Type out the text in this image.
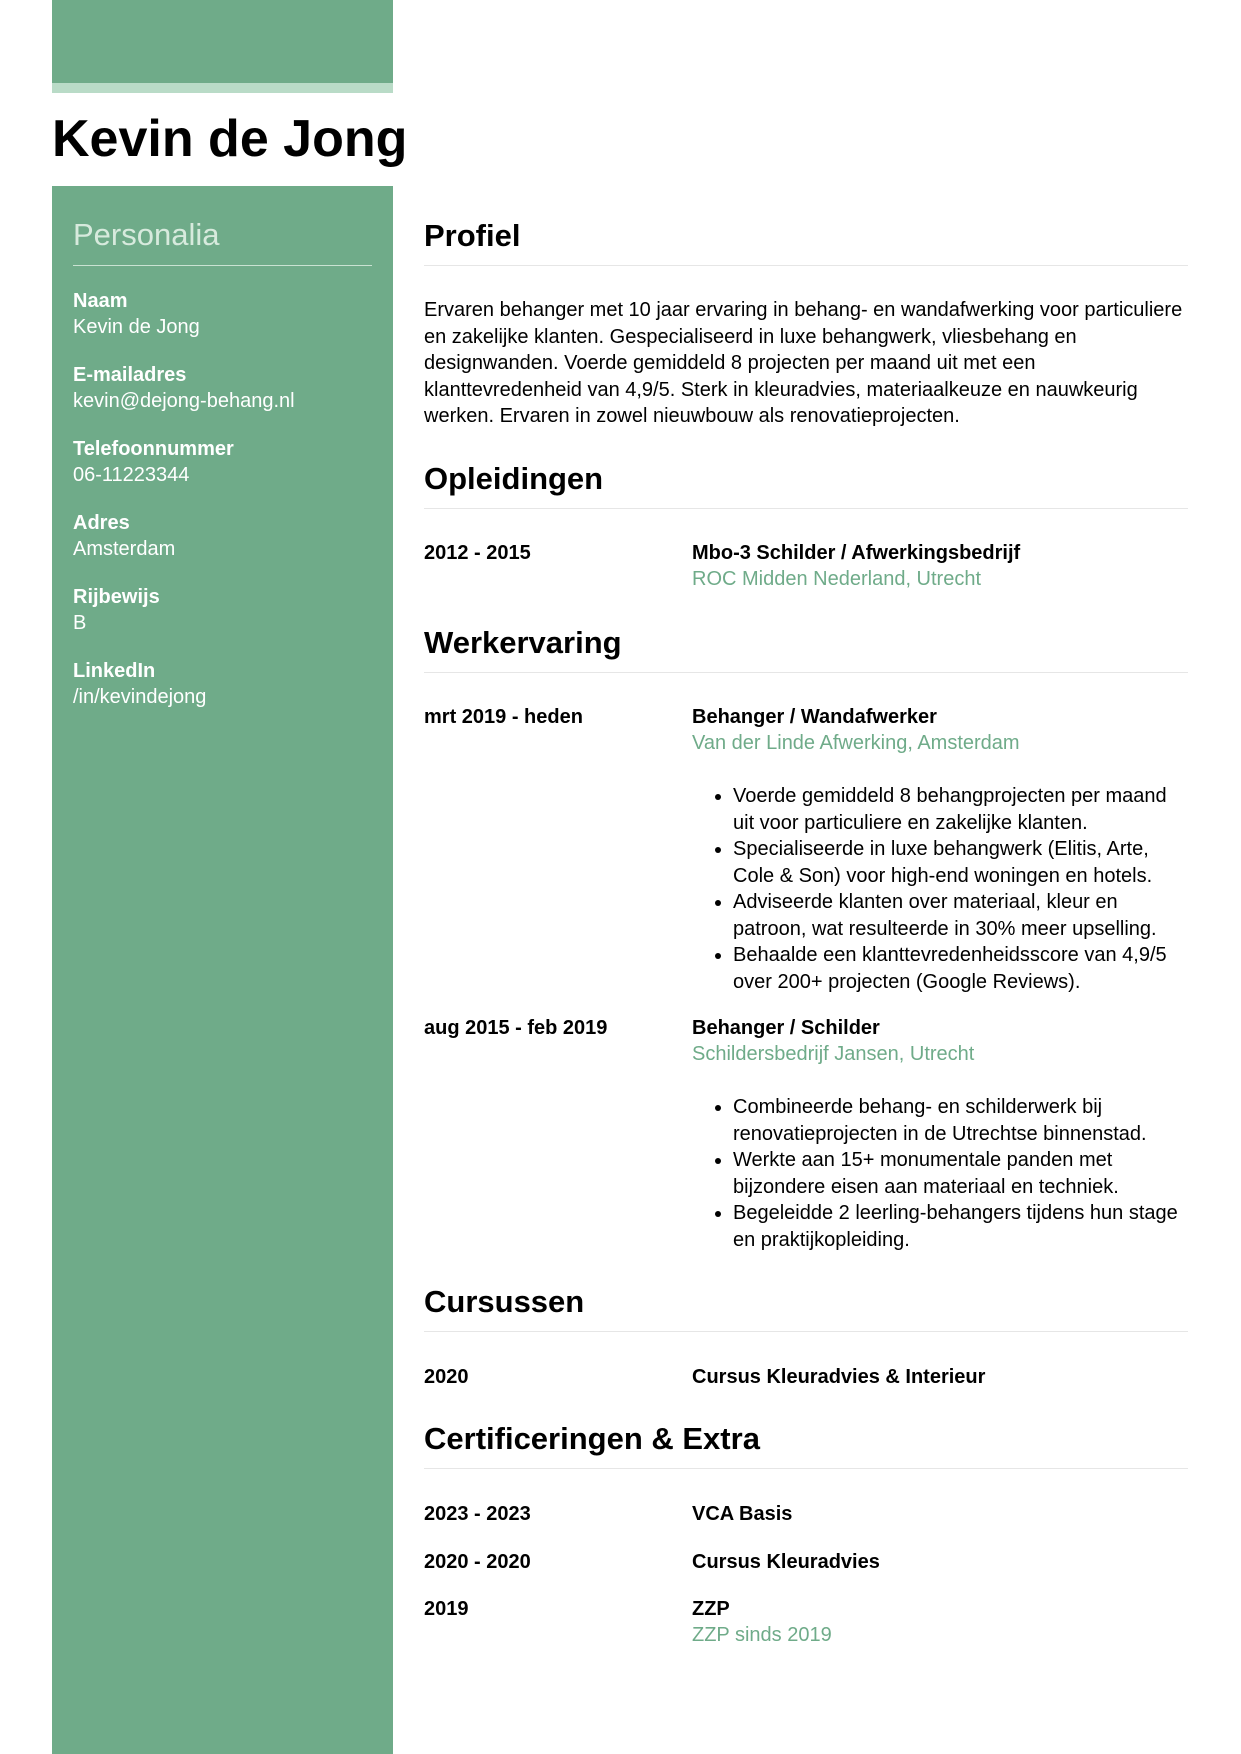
Kevin de Jong
Personalia
Naam
Kevin de Jong
E-mailadres
kevin@dejong-behang.nl
Telefoonnummer
06-11223344
Adres
Amsterdam
Rijbewijs
B
LinkedIn
/in/kevindejong
Profiel

Ervaren behanger met 10 jaar ervaring in behang- en wandafwerking voor particuliere en zakelijke klanten. Gespecialiseerd in luxe behangwerk, vliesbehang en designwanden. Voerde gemiddeld 8 projecten per maand uit met een klanttevredenheid van 4,9/5. Sterk in kleuradvies, materiaalkeuze en nauwkeurig werken. Ervaren in zowel nieuwbouw als renovatieprojecten.

Opleidingen
2012 - 2015	Mbo-3 Schilder / Afwerkingsbedrijf
ROC Midden Nederland, Utrecht
Werkervaring
mrt 2019 - heden	Behanger / Wandafwerker
Van der Linde Afwerking, Amsterdam
• Voerde gemiddeld 8 behangprojecten per maand uit voor particuliere en zakelijke klanten.
• Specialiseerde in luxe behangwerk (Elitis, Arte, Cole & Son) voor high-end woningen en hotels.
• Adviseerde klanten over materiaal, kleur en patroon, wat resulteerde in 30% meer upselling.
• Behaalde een klanttevredenheidsscore van 4,9/5 over 200+ projecten (Google Reviews).
aug 2015 - feb 2019	Behanger / Schilder
Schildersbedrijf Jansen, Utrecht
• Combineerde behang- en schilderwerk bij renovatieprojecten in de Utrechtse binnenstad.
• Werkte aan 15+ monumentale panden met bijzondere eisen aan materiaal en techniek.
• Begeleidde 2 leerling-behangers tijdens hun stage en praktijkopleiding.
Cursussen
2020	Cursus Kleuradvies & Interieur
Certificeringen & Extra
2023 - 2023	VCA Basis
2020 - 2020	Cursus Kleuradvies
2019	ZZP
ZZP sinds 2019
